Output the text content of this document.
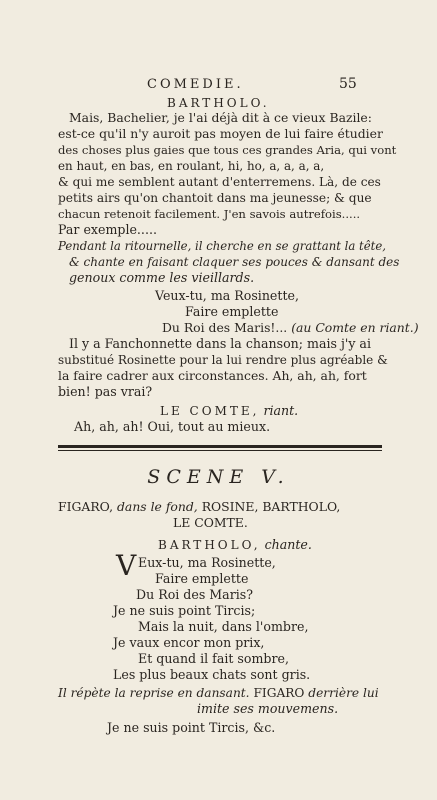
COMEDIE.	55
BARTHOLO.
Mais, Bachelier, je l'ai déjà dit à ce vieux Bazile:
est-ce qu'il n'y auroit pas moyen de lui faire étudier
des choses plus gaies que tous ces grandes Aria, qui vont
en haut, en bas, en roulant, hi, ho, a, a, a, a,
& qui me semblent autant d'enterremens. Là, de ces
petits airs qu'on chantoit dans ma jeunesse; & que
chacun retenoit facilement. J'en savois autrefois.....
Par exemple.....
Pendant la ritournelle, il cherche en se grattant la tête,
& chante en faisant claquer ses pouces & dansant des
genoux comme les vieillards.
Veux-tu, ma Rosinette,
Faire emplette
Du Roi des Maris!... (au Comte en riant.)
Il y a Fanchonnette dans la chanson; mais j'y ai
substitué Rosinette pour la lui rendre plus agréable &
la faire cadrer aux circonstances. Ah, ah, ah, fort
bien! pas vrai?
LE COMTE, riant.
Ah, ah, ah! Oui, tout au mieux.
SCENE V.
FIGARO, dans le fond, ROSINE, BARTHOLO,
LE COMTE.
BARTHOLO, chante.
V Eux-tu, ma Rosinette,
Faire emplette
Du Roi des Maris?
Je ne suis point Tircis;
Mais la nuit, dans l'ombre,
Je vaux encor mon prix,
Et quand il fait sombre,
Les plus beaux chats sont gris.
Il répète la reprise en dansant. FIGARO derrière lui
imite ses mouvemens.
Je ne suis point Tircis, &c.
